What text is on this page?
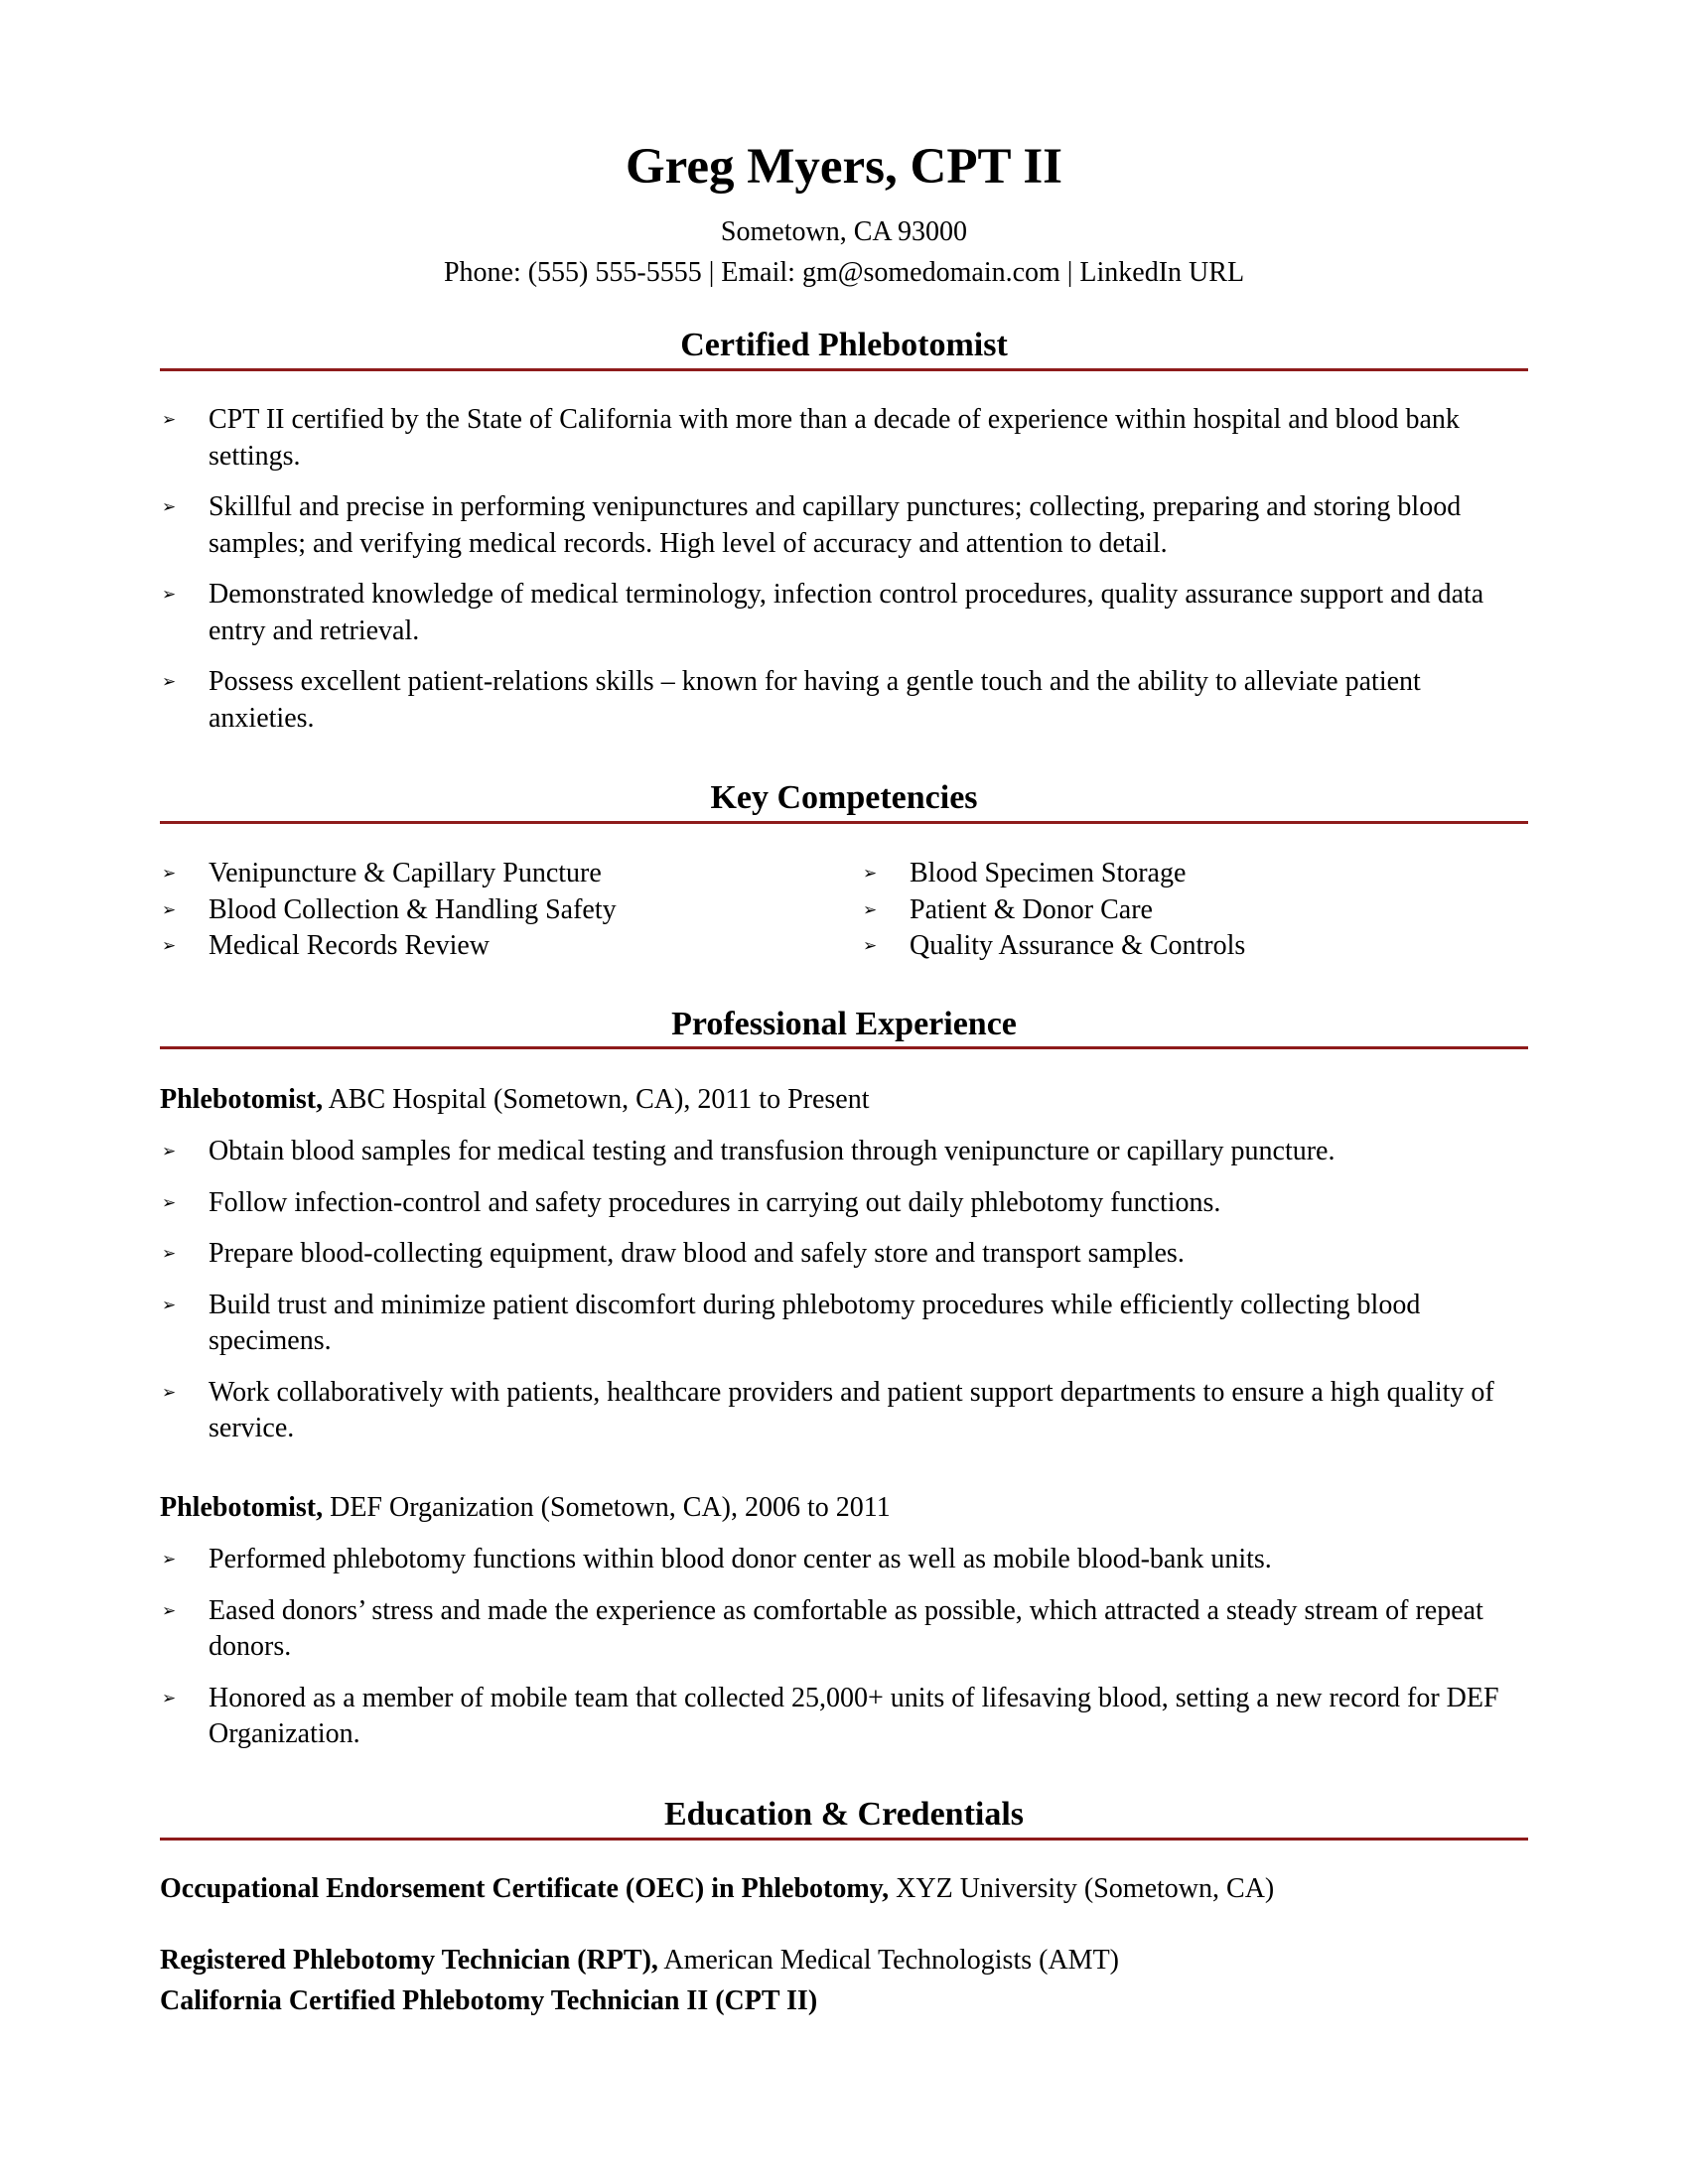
Greg Myers, CPT II
Sometown, CA 93000
Phone: (555) 555-5555 | Email: gm@somedomain.com | LinkedIn URL
Certified Phlebotomist
➢ CPT II certified by the State of California with more than a decade of experience within hospital and blood bank settings.
➢ Skillful and precise in performing venipunctures and capillary punctures; collecting, preparing and storing blood samples; and verifying medical records. High level of accuracy and attention to detail.
➢ Demonstrated knowledge of medical terminology, infection control procedures, quality assurance support and data entry and retrieval.
➢ Possess excellent patient-relations skills – known for having a gentle touch and the ability to alleviate patient anxieties.
Key Competencies
➢ Venipuncture & Capillary Puncture	➢ Blood Specimen Storage
➢ Blood Collection & Handling Safety	➢ Patient & Donor Care
➢ Medical Records Review	➢ Quality Assurance & Controls
Professional Experience
Phlebotomist, ABC Hospital (Sometown, CA), 2011 to Present
➢ Obtain blood samples for medical testing and transfusion through venipuncture or capillary puncture.
➢ Follow infection-control and safety procedures in carrying out daily phlebotomy functions.
➢ Prepare blood-collecting equipment, draw blood and safely store and transport samples.
➢ Build trust and minimize patient discomfort during phlebotomy procedures while efficiently collecting blood specimens.
➢ Work collaboratively with patients, healthcare providers and patient support departments to ensure a high quality of service.
Phlebotomist, DEF Organization (Sometown, CA), 2006 to 2011
➢ Performed phlebotomy functions within blood donor center as well as mobile blood-bank units.
➢ Eased donors’ stress and made the experience as comfortable as possible, which attracted a steady stream of repeat donors.
➢ Honored as a member of mobile team that collected 25,000+ units of lifesaving blood, setting a new record for DEF Organization.
Education & Credentials
Occupational Endorsement Certificate (OEC) in Phlebotomy, XYZ University (Sometown, CA)
Registered Phlebotomy Technician (RPT), American Medical Technologists (AMT)
California Certified Phlebotomy Technician II (CPT II)
